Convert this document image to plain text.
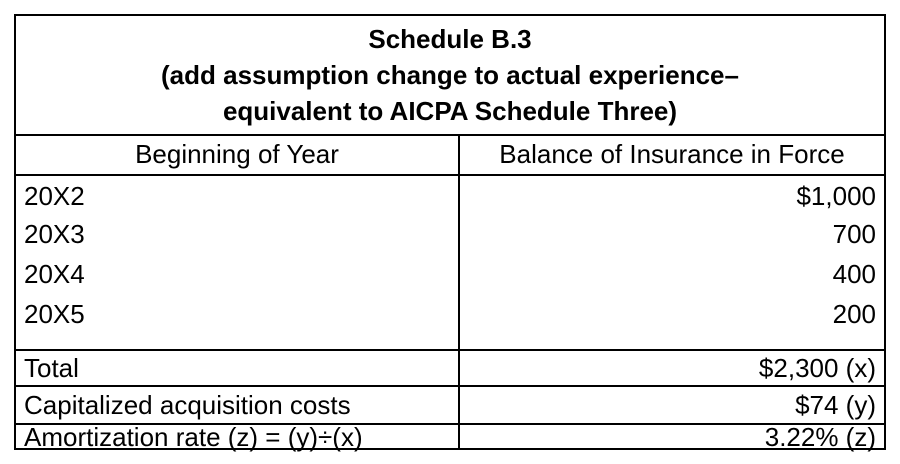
Schedule B.3
(add assumption change to actual experience–
equivalent to AICPA Schedule Three)
Beginning of Year	Balance of Insurance in Force
20X2	$1,000
20X3	700
20X4	400
20X5	200
Total	$2,300 (x)
Capitalized acquisition costs	$74 (y)
Amortization rate (z) = (y)÷(x)	3.22% (z)
